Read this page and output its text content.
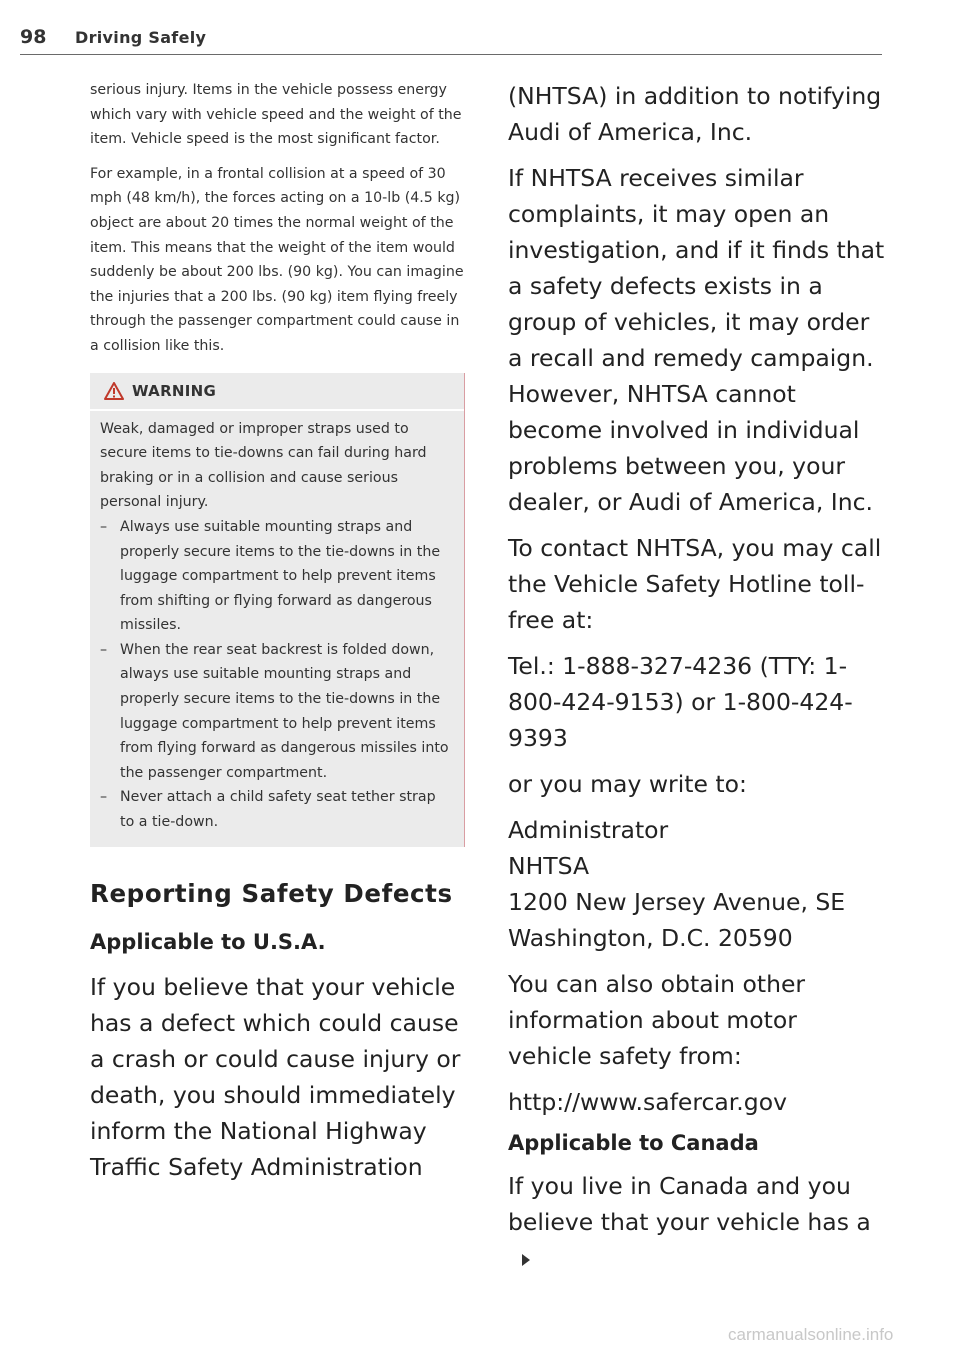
98 Driving Safely

serious injury. Items in the vehicle possess energy which vary with vehicle speed and the weight of the item. Vehicle speed is the most significant factor.

For example, in a frontal collision at a speed of 30 mph (48 km/h), the forces acting on a 10-lb (4.5 kg) object are about 20 times the normal weight of the item. This means that the weight of the item would suddenly be about 200 lbs. (90 kg). You can imagine the injuries that a 200 lbs. (90 kg) item flying freely through the passenger compartment could cause in a collision like this.

WARNING

Weak, damaged or improper straps used to secure items to tie-downs can fail during hard braking or in a collision and cause serious personal injury.

– Always use suitable mounting straps and properly secure items to the tie-downs in the luggage compartment to help prevent items from shifting or flying forward as dangerous missiles.
– When the rear seat backrest is folded down, always use suitable mounting straps and properly secure items to the tie-downs in the luggage compartment to help prevent items from flying forward as dangerous missiles into the passenger compartment.
– Never attach a child safety seat tether strap to a tie-down.
Reporting Safety Defects
Applicable to U.S.A.

If you believe that your vehicle has a defect which could cause a crash or could cause injury or death, you should immediately inform the National Highway Traffic Safety Administration

(NHTSA) in addition to notifying Audi of America, Inc.

If NHTSA receives similar complaints, it may open an investigation, and if it finds that a safety defects exists in a group of vehicles, it may order a recall and remedy campaign. However, NHTSA cannot become involved in individual problems between you, your dealer, or Audi of America, Inc.

To contact NHTSA, you may call the Vehicle Safety Hotline toll-free at:

Tel.: 1-888-327-4236 (TTY: 1-800-424-9153) or 1-800-424-9393

or you may write to:

Administrator
NHTSA
1200 New Jersey Avenue, SE
Washington, D.C. 20590

You can also obtain other information about motor vehicle safety from:

http://www.safercar.gov

Applicable to Canada

If you live in Canada and you believe that your vehicle has a

carmanualsonline.info
